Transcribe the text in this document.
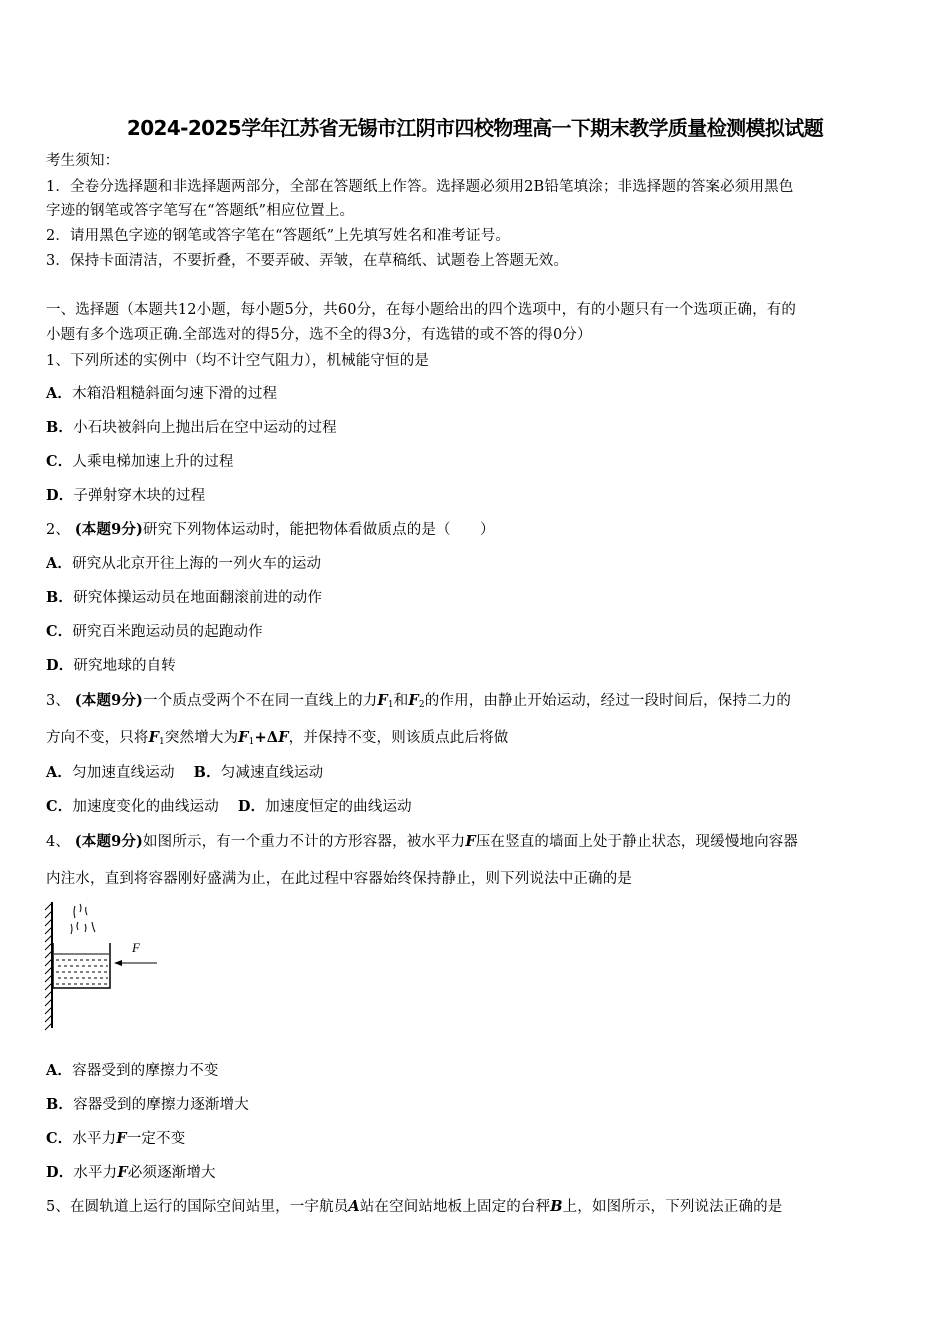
2024-2025学年江苏省无锡市江阴市四校物理高一下期末教学质量检测模拟试题
考生须知：
1．全卷分选择题和非选择题两部分，全部在答题纸上作答。选择题必须用2B铅笔填涂；非选择题的答案必须用黑色
字迹的钢笔或答字笔写在“答题纸”相应位置上。
2．请用黑色字迹的钢笔或答字笔在“答题纸”上先填写姓名和准考证号。
3．保持卡面清洁，不要折叠，不要弄破、弄皱，在草稿纸、试题卷上答题无效。
一、选择题（本题共12小题，每小题5分，共60分，在每小题给出的四个选项中，有的小题只有一个选项正确，有的
小题有多个选项正确.全部选对的得5分，选不全的得3分，有选错的或不答的得0分）
1、下列所述的实例中（均不计空气阻力），机械能守恒的是
A．木箱沿粗糙斜面匀速下滑的过程
B．小石块被斜向上抛出后在空中运动的过程
C．人乘电梯加速上升的过程
D．子弹射穿木块的过程
2、 (本题9分)研究下列物体运动时，能把物体看做质点的是（　　）
A．研究从北京开往上海的一列火车的运动
B．研究体操运动员在地面翻滚前进的动作
C．研究百米跑运动员的起跑动作
D．研究地球的自转
3、 (本题9分)一个质点受两个不在同一直线上的力$F_1$和$F_2$的作用，由静止开始运动，经过一段时间后，保持二力的
方向不变，只将$F_1$突然增大为$F_1+\Delta F$，并保持不变，则该质点此后将做
A．匀加速直线运动 B．匀减速直线运动
C．加速度变化的曲线运动 D．加速度恒定的曲线运动
4、 (本题9分)如图所示，有一个重力不计的方形容器，被水平力F压在竖直的墙面上处于静止状态，现缓慢地向容器
内注水，直到将容器刚好盛满为止，在此过程中容器始终保持静止，则下列说法中正确的是
F
A．容器受到的摩擦力不变
B．容器受到的摩擦力逐渐增大
C．水平力F一定不变
D．水平力F必须逐渐增大
5、在圆轨道上运行的国际空间站里，一宇航员A站在空间站地板上固定的台秤B上，如图所示，下列说法正确的是
